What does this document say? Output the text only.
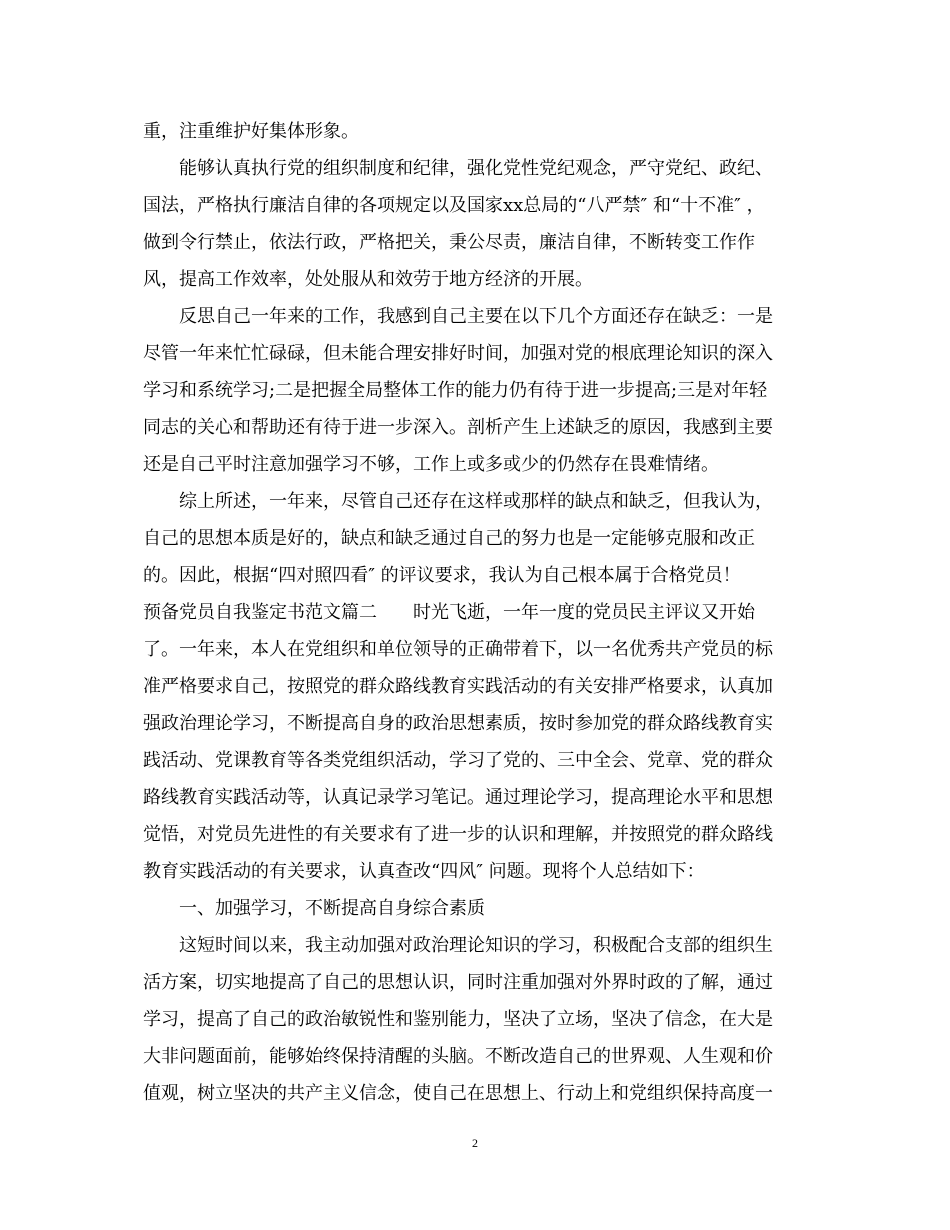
重，注重维护好集体形象。
能够认真执行党的组织制度和纪律，强化党性党纪观念，严守党纪、政纪、
国法，严格执行廉洁自律的各项规定以及国家xx总局的“八严禁″ 和“十不准″ ，
做到令行禁止，依法行政，严格把关，秉公尽责，廉洁自律，不断转变工作作
风，提高工作效率，处处服从和效劳于地方经济的开展。
反思自己一年来的工作，我感到自己主要在以下几个方面还存在缺乏：一是
尽管一年来忙忙碌碌，但未能合理安排好时间，加强对党的根底理论知识的深入
学习和系统学习;二是把握全局整体工作的能力仍有待于进一步提高;三是对年轻
同志的关心和帮助还有待于进一步深入。剖析产生上述缺乏的原因，我感到主要
还是自己平时注意加强学习不够，工作上或多或少的仍然存在畏难情绪。
综上所述，一年来，尽管自己还存在这样或那样的缺点和缺乏，但我认为，
自己的思想本质是好的，缺点和缺乏通过自己的努力也是一定能够克服和改正
的。因此，根据“四对照四看″ 的评议要求，我认为自己根本属于合格党员！
预备党员自我鉴定书范文篇二 时光飞逝，一年一度的党员民主评议又开始
了。一年来，本人在党组织和单位领导的正确带着下，以一名优秀共产党员的标
准严格要求自己，按照党的群众路线教育实践活动的有关安排严格要求，认真加
强政治理论学习，不断提高自身的政治思想素质，按时参加党的群众路线教育实
践活动、党课教育等各类党组织活动，学习了党的、三中全会、党章、党的群众
路线教育实践活动等，认真记录学习笔记。通过理论学习，提高理论水平和思想
觉悟，对党员先进性的有关要求有了进一步的认识和理解，并按照党的群众路线
教育实践活动的有关要求，认真查改“四风″ 问题。现将个人总结如下：
一、加强学习，不断提高自身综合素质
这短时间以来，我主动加强对政治理论知识的学习，积极配合支部的组织生
活方案，切实地提高了自己的思想认识，同时注重加强对外界时政的了解，通过
学习，提高了自己的政治敏锐性和鉴别能力，坚决了立场，坚决了信念，在大是
大非问题面前，能够始终保持清醒的头脑。不断改造自己的世界观、人生观和价
值观，树立坚决的共产主义信念，使自己在思想上、行动上和党组织保持高度一
2
